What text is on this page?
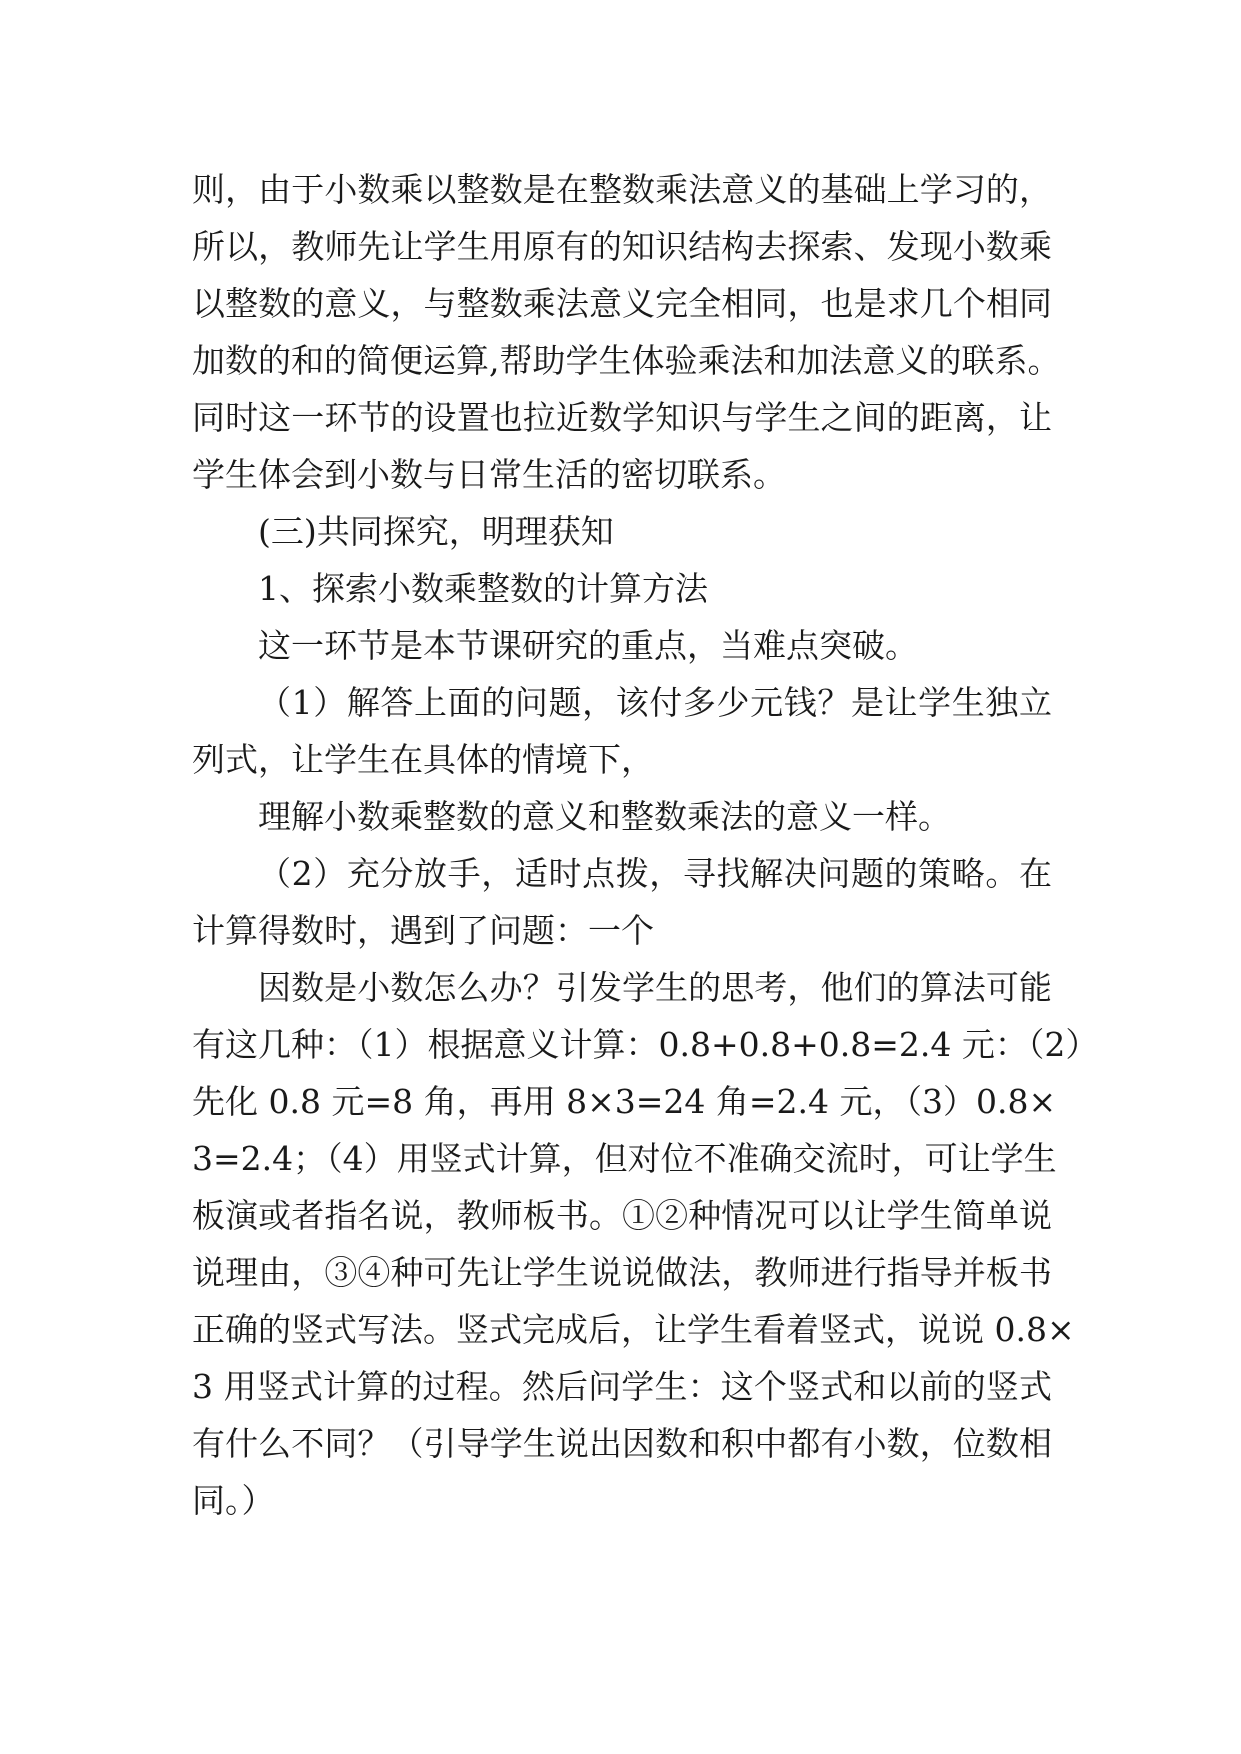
则，由于小数乘以整数是在整数乘法意义的基础上学习的，
所以，教师先让学生用原有的知识结构去探索、发现小数乘
以整数的意义，与整数乘法意义完全相同，也是求几个相同
加数的和的简便运算,帮助学生体验乘法和加法意义的联系。
同时这一环节的设置也拉近数学知识与学生之间的距离，让
学生体会到小数与日常生活的密切联系。
(三)共同探究，明理获知
1、探索小数乘整数的计算方法
这一环节是本节课研究的重点，当难点突破。
（1）解答上面的问题，该付多少元钱？是让学生独立
列式，让学生在具体的情境下，
理解小数乘整数的意义和整数乘法的意义一样。
（2）充分放手，适时点拨，寻找解决问题的策略。在
计算得数时，遇到了问题：一个
因数是小数怎么办？引发学生的思考，他们的算法可能
有这几种：（1）根据意义计算：0.8+0.8+0.8=2.4 元：（2）
先化 0.8 元=8 角，再用 8×3=24 角=2.4 元，（3）0.8×
3=2.4；（4）用竖式计算，但对位不准确交流时，可让学生
板演或者指名说，教师板书。①②种情况可以让学生简单说
说理由，③④种可先让学生说说做法，教师进行指导并板书
正确的竖式写法。竖式完成后，让学生看着竖式，说说 0.8×
3 用竖式计算的过程。然后问学生：这个竖式和以前的竖式
有什么不同？（引导学生说出因数和积中都有小数，位数相
同。）
